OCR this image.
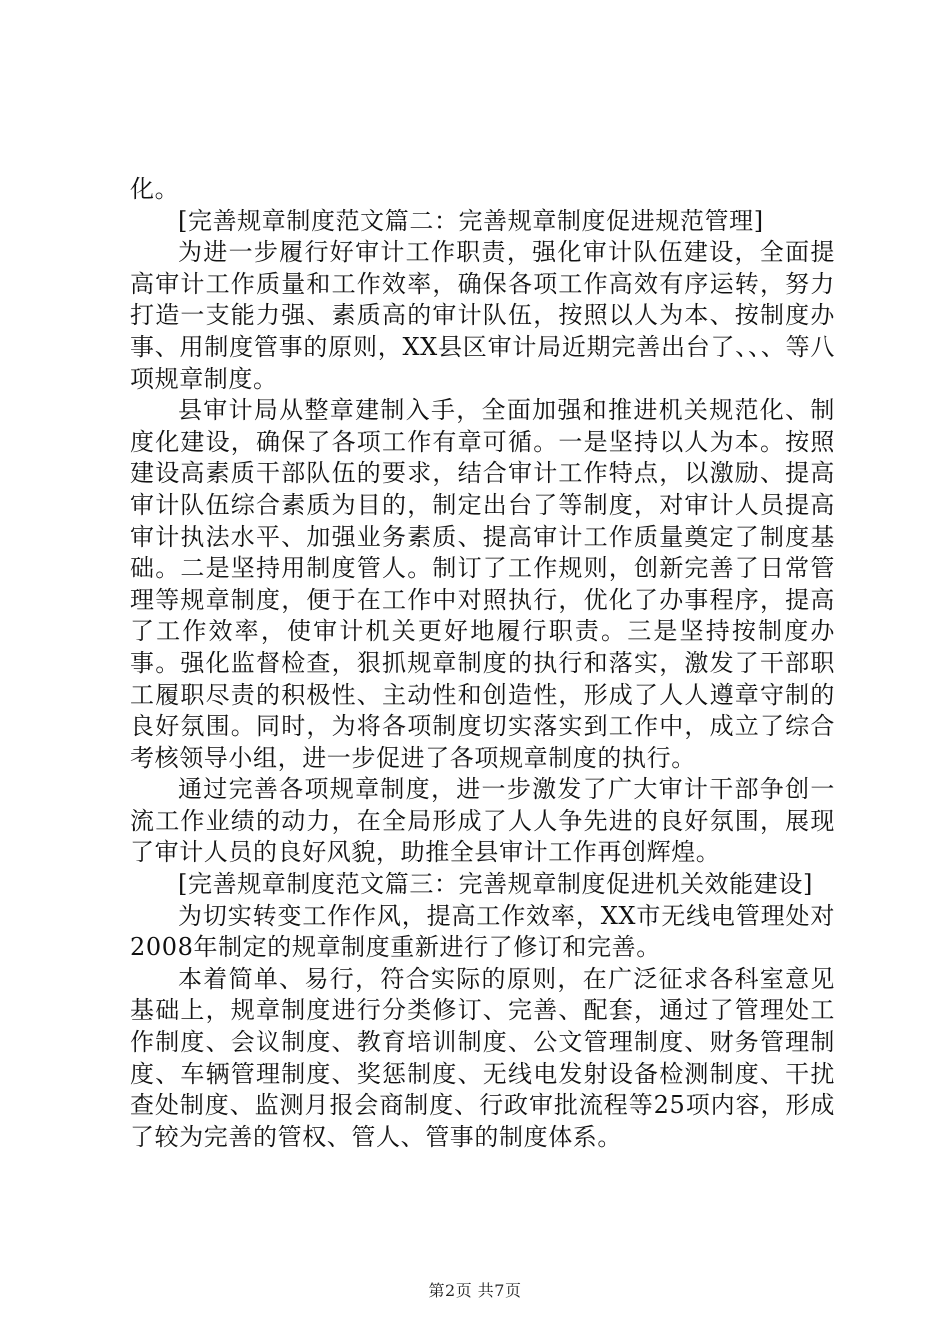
化。

[完善规章制度范文篇二：完善规章制度促进规范管理]

为进一步履行好审计工作职责，强化审计队伍建设，全面提高审计工作质量和工作效率，确保各项工作高效有序运转，努力打造一支能力强、素质高的审计队伍，按照以人为本、按制度办事、用制度管事的原则，XX县区审计局近期完善出台了、、、等八项规章制度。

县审计局从整章建制入手，全面加强和推进机关规范化、制度化建设，确保了各项工作有章可循。一是坚持以人为本。按照建设高素质干部队伍的要求，结合审计工作特点，以激励、提高审计队伍综合素质为目的，制定出台了等制度，对审计人员提高审计执法水平、加强业务素质、提高审计工作质量奠定了制度基础。二是坚持用制度管人。制订了工作规则，创新完善了日常管理等规章制度，便于在工作中对照执行，优化了办事程序，提高了工作效率，使审计机关更好地履行职责。三是坚持按制度办事。强化监督检查，狠抓规章制度的执行和落实，激发了干部职工履职尽责的积极性、主动性和创造性，形成了人人遵章守制的良好氛围。同时，为将各项制度切实落实到工作中，成立了综合考核领导小组，进一步促进了各项规章制度的执行。

通过完善各项规章制度，进一步激发了广大审计干部争创一流工作业绩的动力，在全局形成了人人争先进的良好氛围，展现了审计人员的良好风貌，助推全县审计工作再创辉煌。

[完善规章制度范文篇三：完善规章制度促进机关效能建设]

为切实转变工作作风，提高工作效率，XX市无线电管理处对2008年制定的规章制度重新进行了修订和完善。

本着简单、易行，符合实际的原则，在广泛征求各科室意见基础上，规章制度进行分类修订、完善、配套，通过了管理处工作制度、会议制度、教育培训制度、公文管理制度、财务管理制度、车辆管理制度、奖惩制度、无线电发射设备检测制度、干扰查处制度、监测月报会商制度、行政审批流程等25项内容，形成了较为完善的管权、管人、管事的制度体系。

第2页 共7页
